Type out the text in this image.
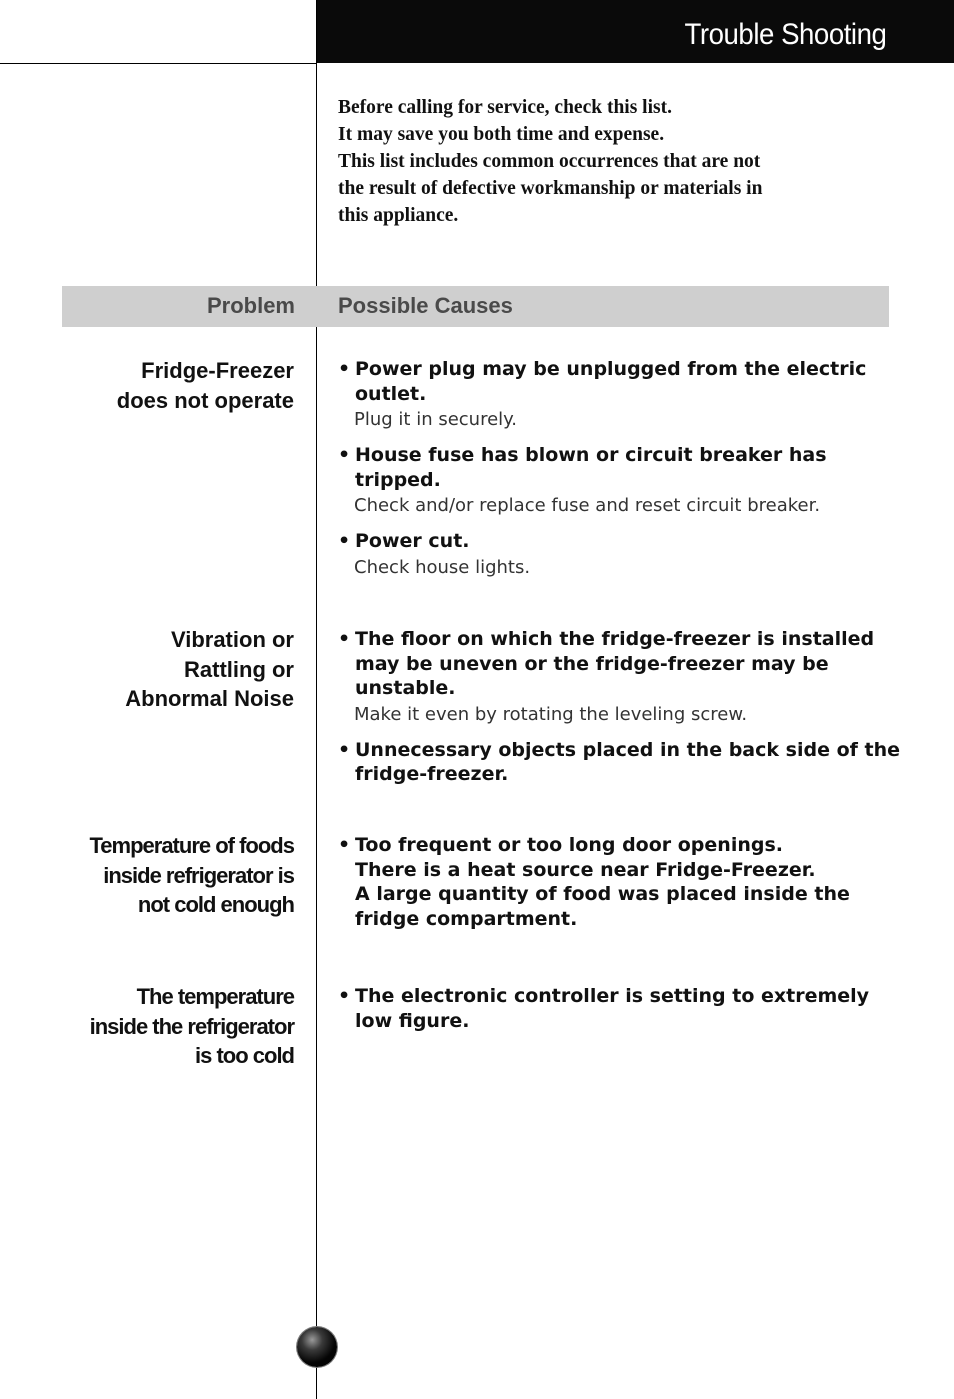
Trouble Shooting
Before calling for service, check this list.
It may save you both time and expense.
This list includes common occurrences that are not
the result of defective workmanship or materials in
this appliance.
Problem Possible Causes
Fridge-Freezer
does not operate
• Power plug may be unplugged from the electric
outlet.
Plug it in securely.
• House fuse has blown or circuit breaker has
tripped.
Check and/or replace fuse and reset circuit breaker.
• Power cut.
Check house lights.
Vibration or
Rattling or
Abnormal Noise
• The floor on which the fridge-freezer is installed
may be uneven or the fridge-freezer may be
unstable.
Make it even by rotating the leveling screw.
• Unnecessary objects placed in the back side of the
fridge-freezer.
Temperature of foods
inside refrigerator is
not cold enough
• Too frequent or too long door openings.
There is a heat source near Fridge-Freezer.
A large quantity of food was placed inside the
fridge compartment.
The temperature
inside the refrigerator
is too cold
• The electronic controller is setting to extremely
low figure.
